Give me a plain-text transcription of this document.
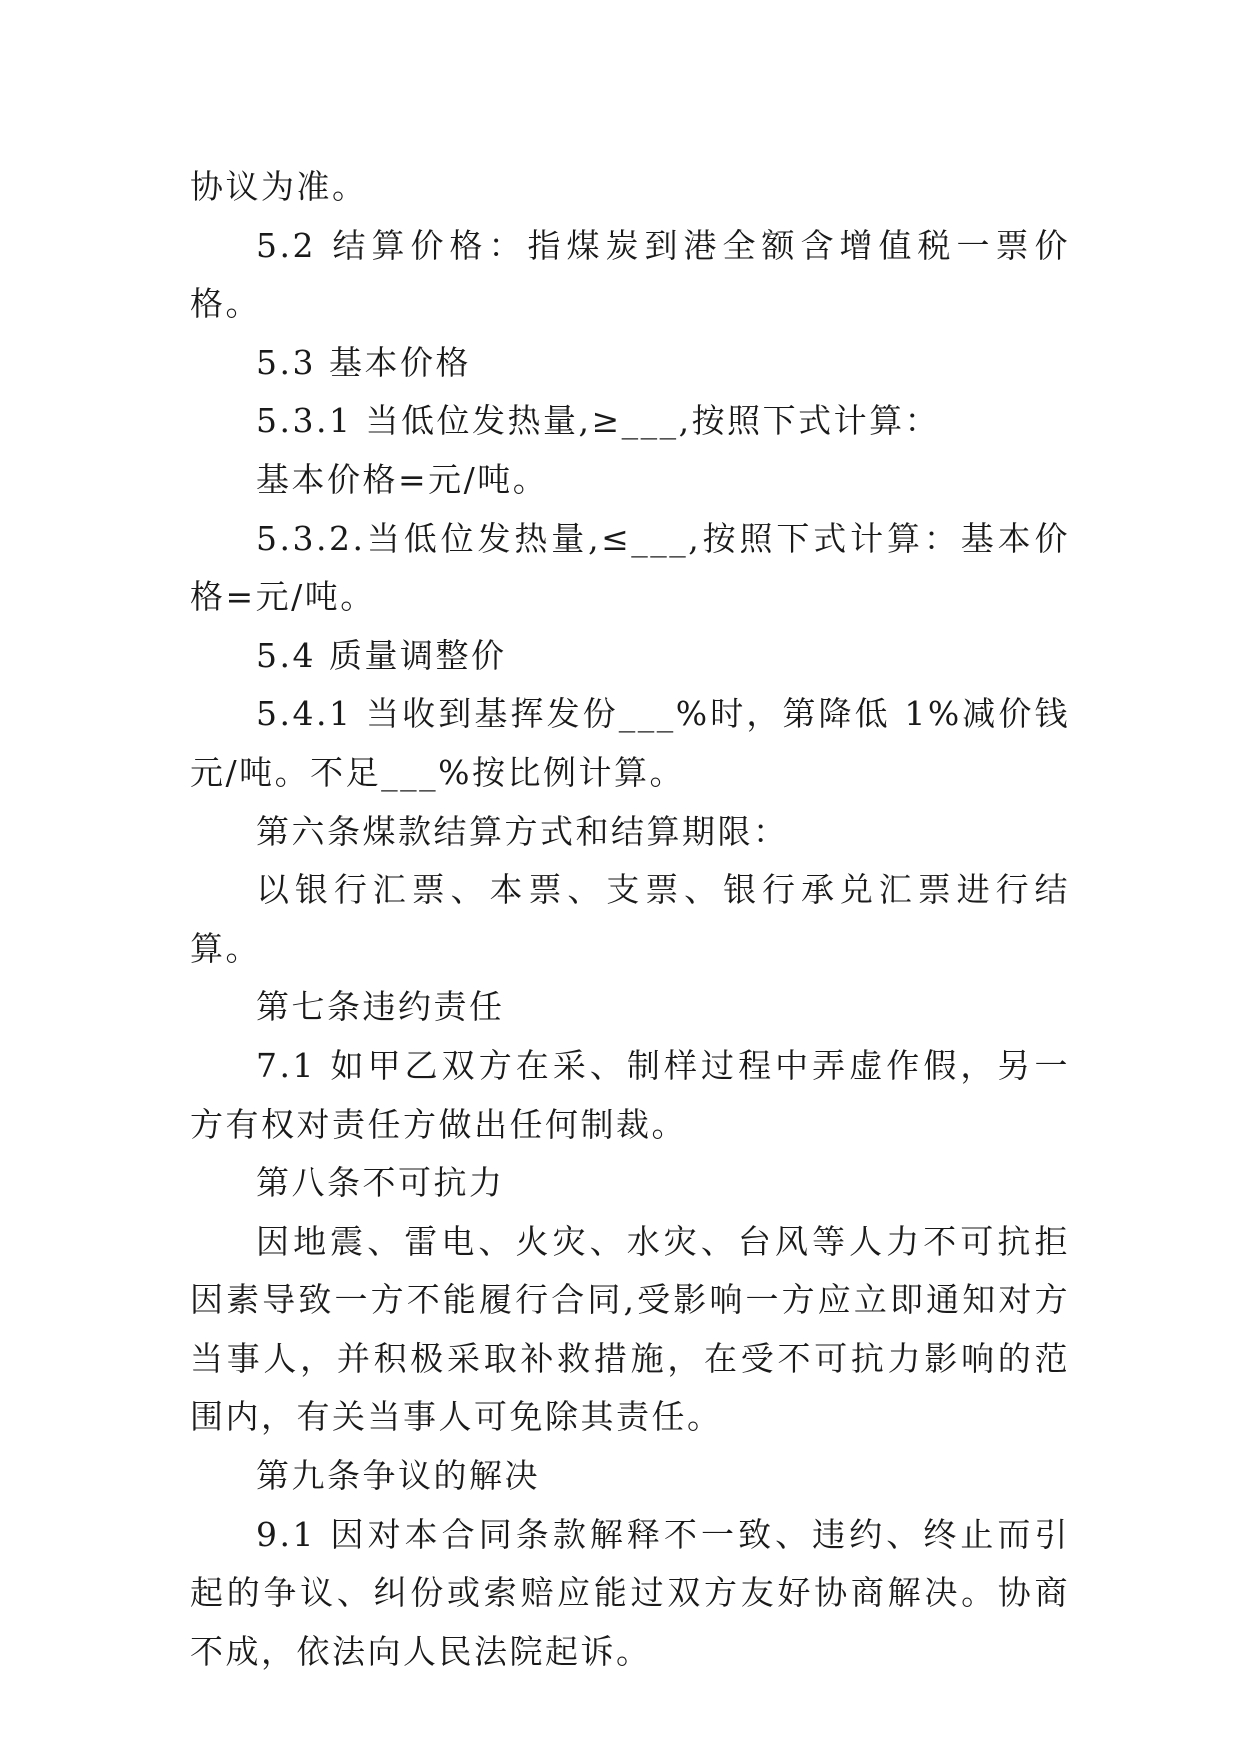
协议为准。

5.2 结算价格：指煤炭到港全额含增值税一票价格。

5.3 基本价格

5.3.1 当低位发热量,≥___,按照下式计算：

基本价格=元/吨。

5.3.2.当低位发热量,≤___,按照下式计算：基本价格=元/吨。

5.4 质量调整价

5.4.1 当收到基挥发份___%时，第降低 1%减价钱元/吨。不足___%按比例计算。

第六条煤款结算方式和结算期限：

以银行汇票、本票、支票、银行承兑汇票进行结算。

第七条违约责任

7.1 如甲乙双方在采、制样过程中弄虚作假，另一方有权对责任方做出任何制裁。

第八条不可抗力

因地震、雷电、火灾、水灾、台风等人力不可抗拒因素导致一方不能履行合同,受影响一方应立即通知对方当事人，并积极采取补救措施，在受不可抗力影响的范围内，有关当事人可免除其责任。

第九条争议的解决

9.1 因对本合同条款解释不一致、违约、终止而引起的争议、纠份或索赔应能过双方友好协商解决。协商不成，依法向人民法院起诉。
